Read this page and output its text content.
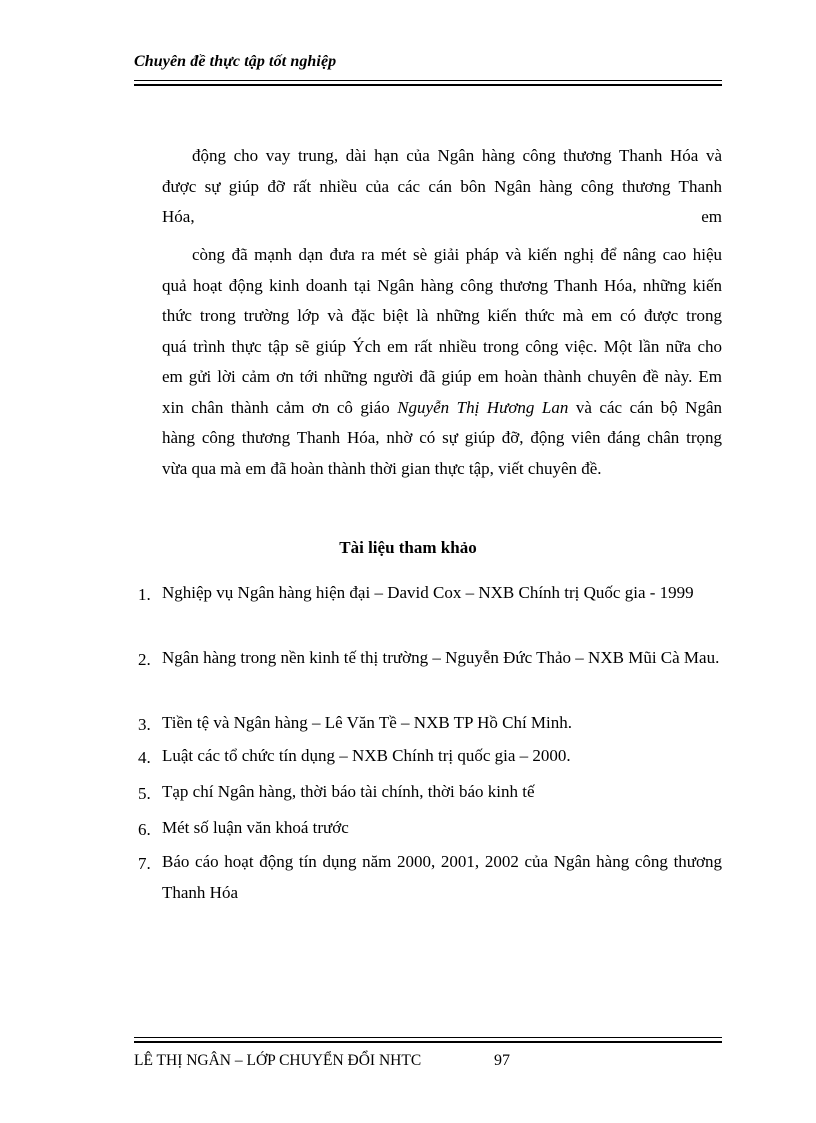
Chuyên đề thực tập tốt nghiệp
động cho vay trung, dài hạn của Ngân hàng công thương Thanh Hóa và
được sự giúp đỡ rất nhiều của các cán bôn Ngân hàng công thương Thanh
Hóa, em
còng đã mạnh dạn đưa ra mét sè giải pháp và kiến nghị để nâng cao hiệu
quả hoạt động kinh doanh tại Ngân hàng công thương Thanh Hóa, những kiến
thức trong trường lớp và đặc biệt là những kiến thức mà em có được trong
quá trình thực tập sẽ giúp Ých em rất nhiều trong công việc. Một lần nữa cho
em gửi lời cảm ơn tới những người đã giúp em hoàn thành chuyên đề này. Em
xin chân thành cảm ơn cô giáo Nguyễn Thị Hương Lan và các cán bộ Ngân
hàng công thương Thanh Hóa, nhờ có sự giúp đỡ, động viên đáng chân trọng
vừa qua mà em đã hoàn thành thời gian thực tập, viết chuyên đề.
Tài liệu tham khảo
1. Nghiệp vụ Ngân hàng hiện đại – David Cox – NXB Chính trị Quốc gia - 1999
2. Ngân hàng trong nền kinh tế thị trường – Nguyễn Đức Thảo – NXB Mũi Cà Mau.
3. Tiền tệ và Ngân hàng – Lê Văn Tề – NXB TP Hồ Chí Minh.
4. Luật các tổ chức tín dụng – NXB Chính trị quốc gia – 2000.
5. Tạp chí Ngân hàng, thời báo tài chính, thời báo kinh tế
6. Mét số luận văn khoá trước
7. Báo cáo hoạt động tín dụng năm 2000, 2001, 2002 của Ngân hàng công thương Thanh Hóa
LÊ THỊ NGÂN – LỚP CHUYỂN ĐỔI NHTC	97
